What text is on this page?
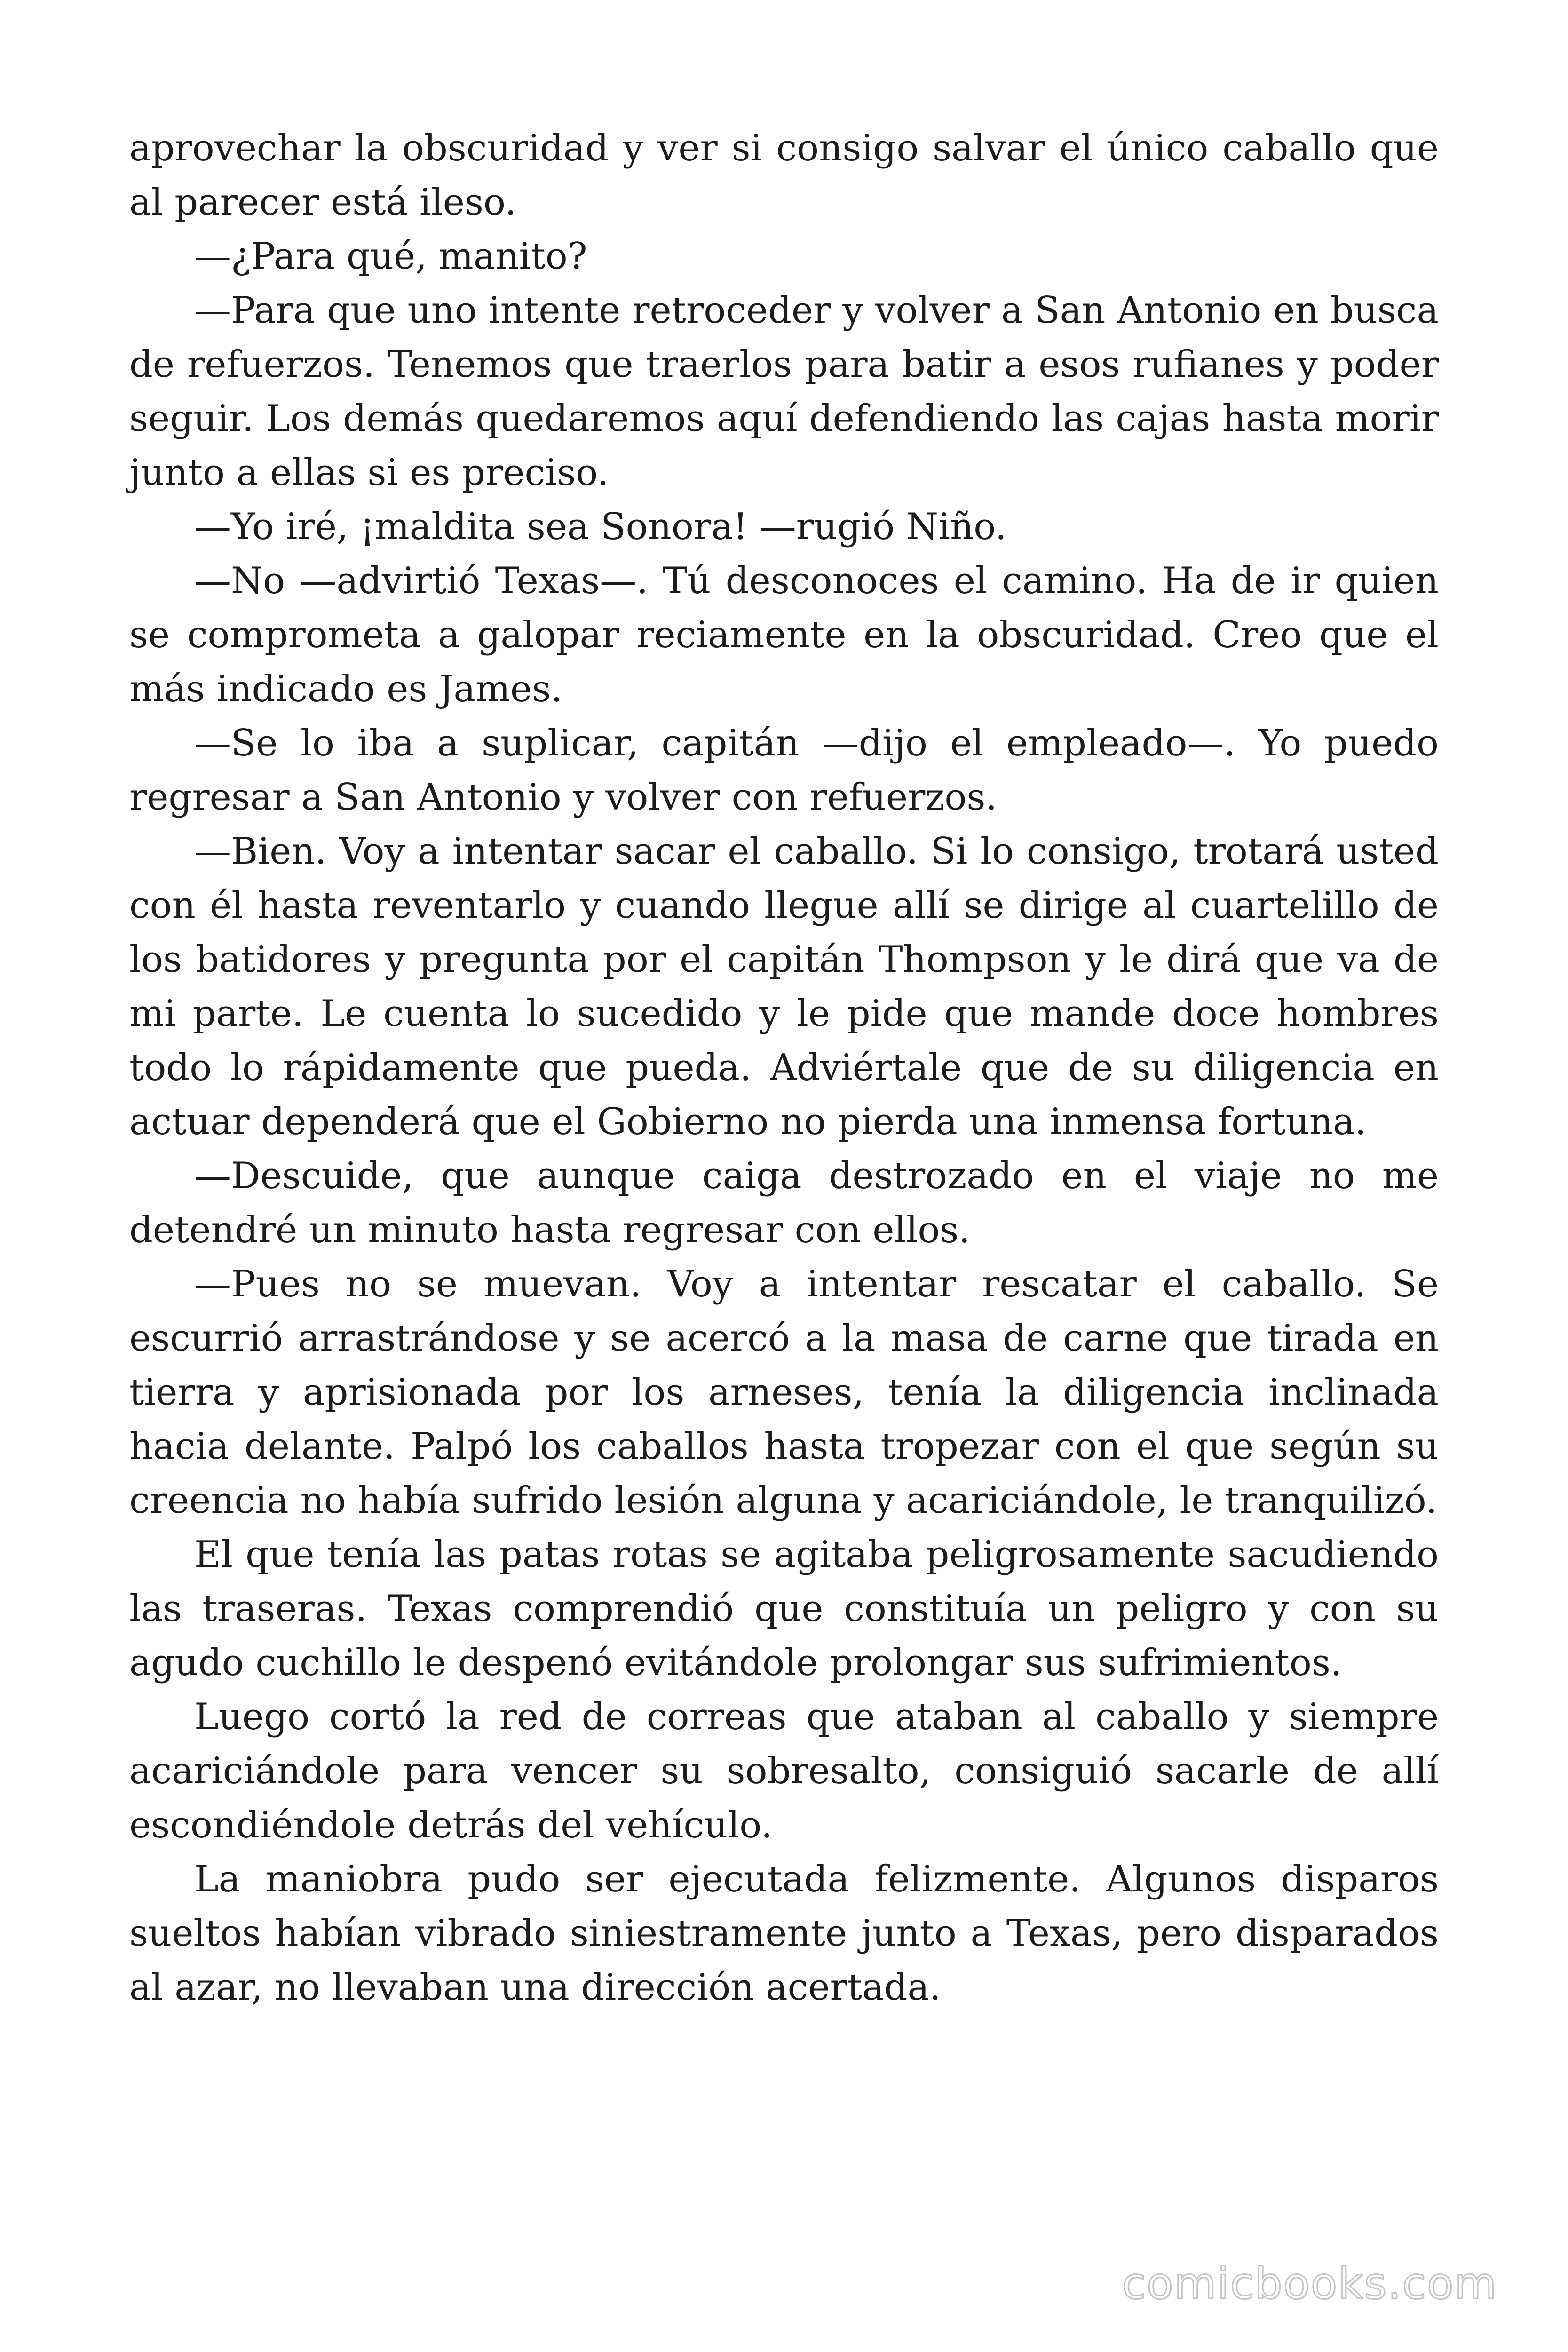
aprovechar la obscuridad y ver si consigo salvar el único caballo que al parecer está ileso.

—¿Para qué, manito?

—Para que uno intente retroceder y volver a San Antonio en busca de refuerzos. Tenemos que traerlos para batir a esos rufianes y poder seguir. Los demás quedaremos aquí defendiendo las cajas hasta morir junto a ellas si es preciso.

—Yo iré, ¡maldita sea Sonora! —rugió Niño.

—No —advirtió Texas—. Tú desconoces el camino. Ha de ir quien se comprometa a galopar reciamente en la obscuridad. Creo que el más indicado es James.

—Se lo iba a suplicar, capitán —dijo el empleado—. Yo puedo regresar a San Antonio y volver con refuerzos.

—Bien. Voy a intentar sacar el caballo. Si lo consigo, trotará usted con él hasta reventarlo y cuando llegue allí se dirige al cuartelillo de los batidores y pregunta por el capitán Thompson y le dirá que va de mi parte. Le cuenta lo sucedido y le pide que mande doce hombres todo lo rápidamente que pueda. Adviértale que de su diligencia en actuar dependerá que el Gobierno no pierda una inmensa fortuna.

—Descuide, que aunque caiga destrozado en el viaje no me detendré un minuto hasta regresar con ellos.

—Pues no se muevan. Voy a intentar rescatar el caballo. Se escurrió arrastrándose y se acercó a la masa de carne que tirada en tierra y aprisionada por los arneses, tenía la diligencia inclinada hacia delante. Palpó los caballos hasta tropezar con el que según su creencia no había sufrido lesión alguna y acariciándole, le tranquilizó.

El que tenía las patas rotas se agitaba peligrosamente sacudiendo las traseras. Texas comprendió que constituía un peligro y con su agudo cuchillo le despenó evitándole prolongar sus sufrimientos.

Luego cortó la red de correas que ataban al caballo y siempre acariciándole para vencer su sobresalto, consiguió sacarle de allí escondiéndole detrás del vehículo.

La maniobra pudo ser ejecutada felizmente. Algunos disparos sueltos habían vibrado siniestramente junto a Texas, pero disparados al azar, no llevaban una dirección acertada.

comicbooks.com
